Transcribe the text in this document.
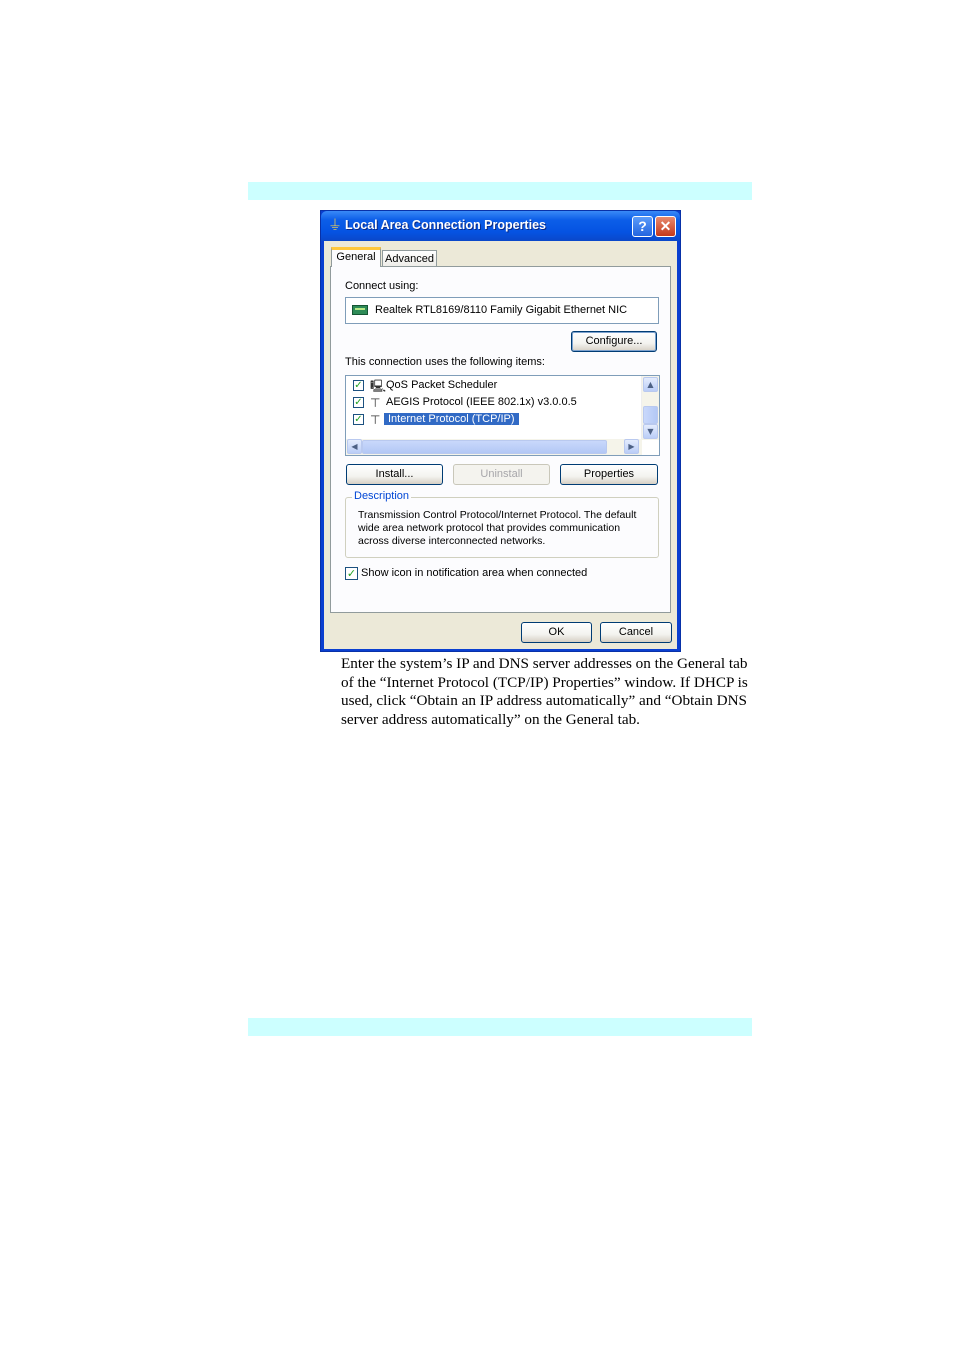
⏚ Local Area Connection Properties	? ✕
General Advanced
Connect using:
Realtek RTL8169/8110 Family Gigabit Ethernet NIC
Configure...
This connection uses the following items:
✓ 🖳 QoS Packet Scheduler
✓ ⊤ AEGIS Protocol (IEEE 802.1x) v3.0.0.5
✓ ⊤ Internet Protocol (TCP/IP)
▲
▼
◀	▶
Install...	Uninstall	Properties
Description
Transmission Control Protocol/Internet Protocol. The default wide area network protocol that provides communication across diverse interconnected networks.
✓ Show icon in notification area when connected
OK	Cancel
Enter the system’s IP and DNS server addresses on the General tab of the “Internet Protocol (TCP/IP) Properties” window. If DHCP is used, click “Obtain an IP address automatically” and “Obtain DNS server address automatically” on the General tab.
